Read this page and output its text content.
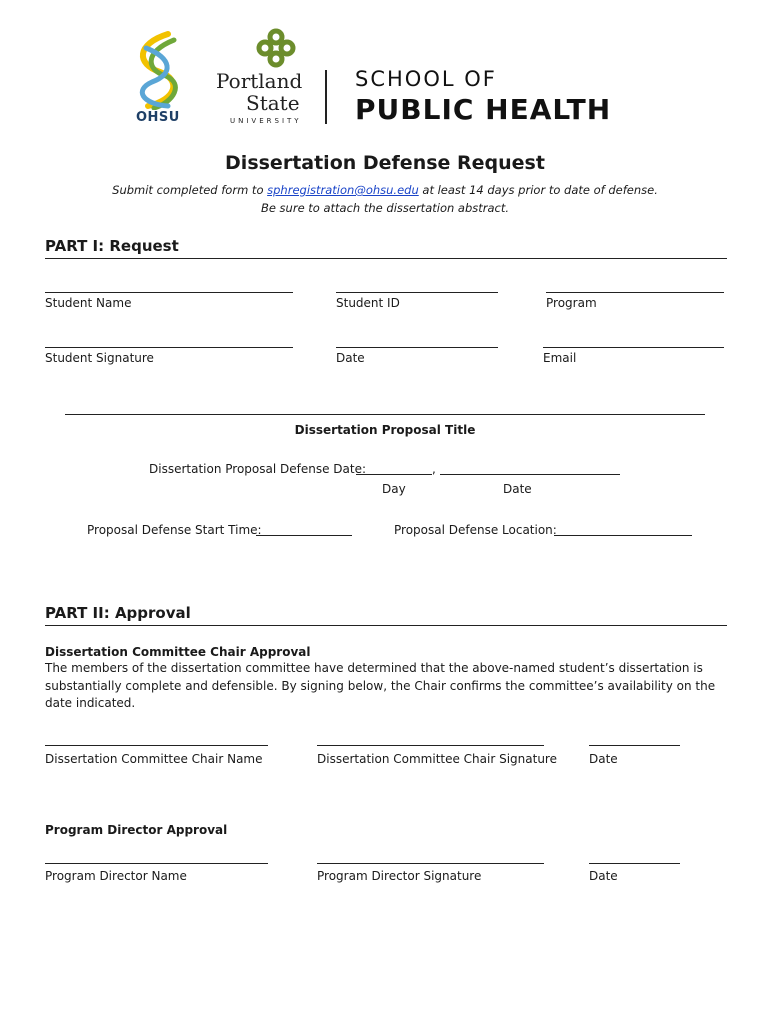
OHSU
Portland
State
UNIVERSITY
SCHOOL OF
PUBLIC HEALTH
Dissertation Defense Request
Submit completed form to sphregistration@ohsu.edu at least 14 days prior to date of defense.
Be sure to attach the dissertation abstract.
PART I: Request
Student Name	Student ID	Program
Student Signature	Date	Email
Dissertation Proposal Title
Dissertation Proposal Defense Date:	,
Day	Date
Proposal Defense Start Time:	Proposal Defense Location:
PART II: Approval
Dissertation Committee Chair Approval
The members of the dissertation committee have determined that the above-named student’s dissertation is substantially complete and defensible. By signing below, the Chair confirms the committee’s availability on the date indicated.
Dissertation Committee Chair Name	Dissertation Committee Chair Signature	Date
Program Director Approval
Program Director Name	Program Director Signature	Date
